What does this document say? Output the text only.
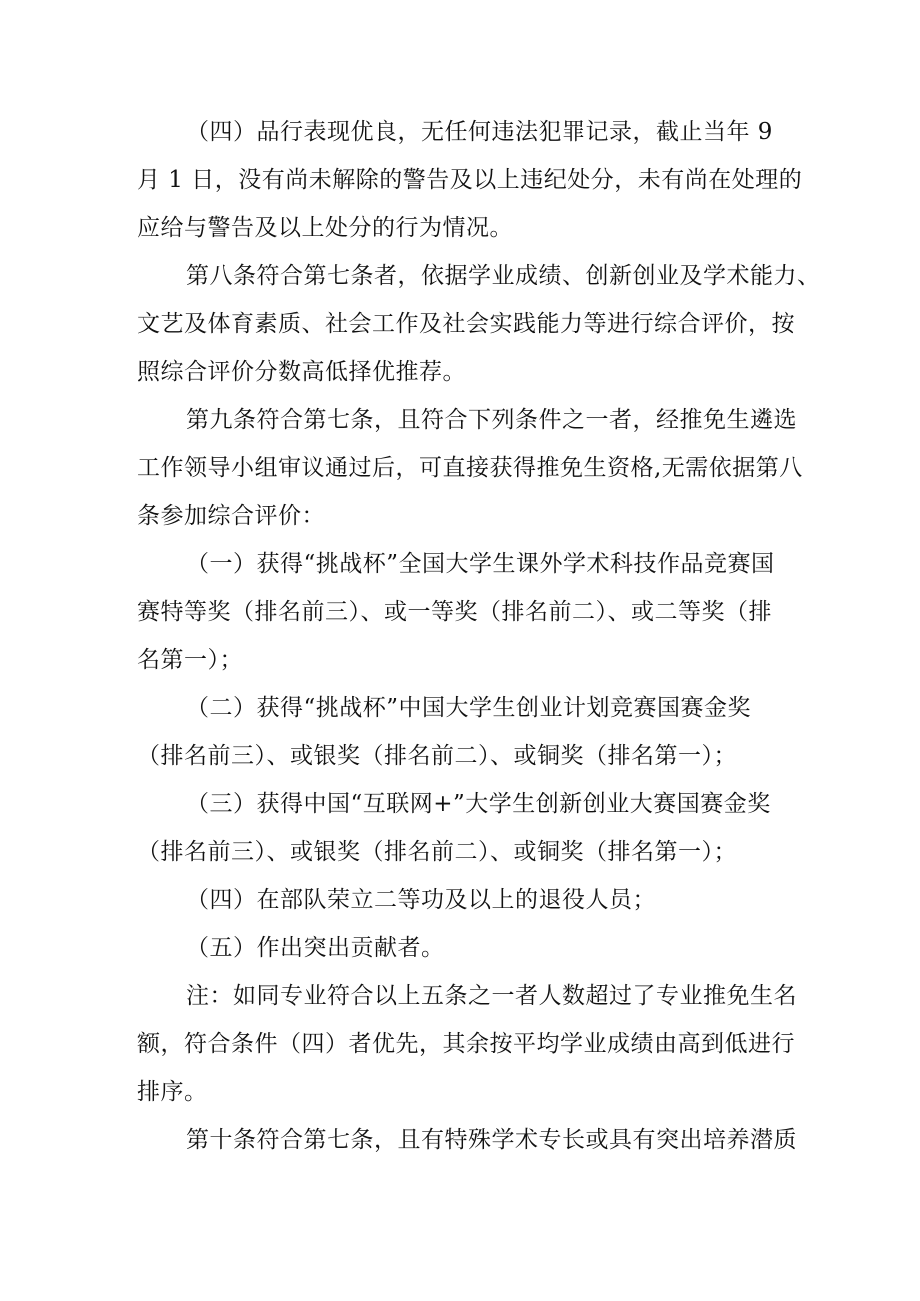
（四）品行表现优良，无任何违法犯罪记录，截止当年 9
月 1 日，没有尚未解除的警告及以上违纪处分，未有尚在处理的
应给与警告及以上处分的行为情况。
第八条符合第七条者，依据学业成绩、创新创业及学术能力、
文艺及体育素质、社会工作及社会实践能力等进行综合评价，按
照综合评价分数高低择优推荐。
第九条符合第七条，且符合下列条件之一者，经推免生遴选
工作领导小组审议通过后，可直接获得推免生资格,无需依据第八
条参加综合评价：
（一）获得“挑战杯”全国大学生课外学术科技作品竞赛国
赛特等奖（排名前三）、或一等奖（排名前二）、或二等奖（排
名第一）；
（二）获得“挑战杯”中国大学生创业计划竞赛国赛金奖
（排名前三）、或银奖（排名前二）、或铜奖（排名第一）；
（三）获得中国“互联网+”大学生创新创业大赛国赛金奖
（排名前三）、或银奖（排名前二）、或铜奖（排名第一）；
（四）在部队荣立二等功及以上的退役人员；
（五）作出突出贡献者。
注：如同专业符合以上五条之一者人数超过了专业推免生名
额，符合条件（四）者优先，其余按平均学业成绩由高到低进行
排序。
第十条符合第七条，且有特殊学术专长或具有突出培养潜质
